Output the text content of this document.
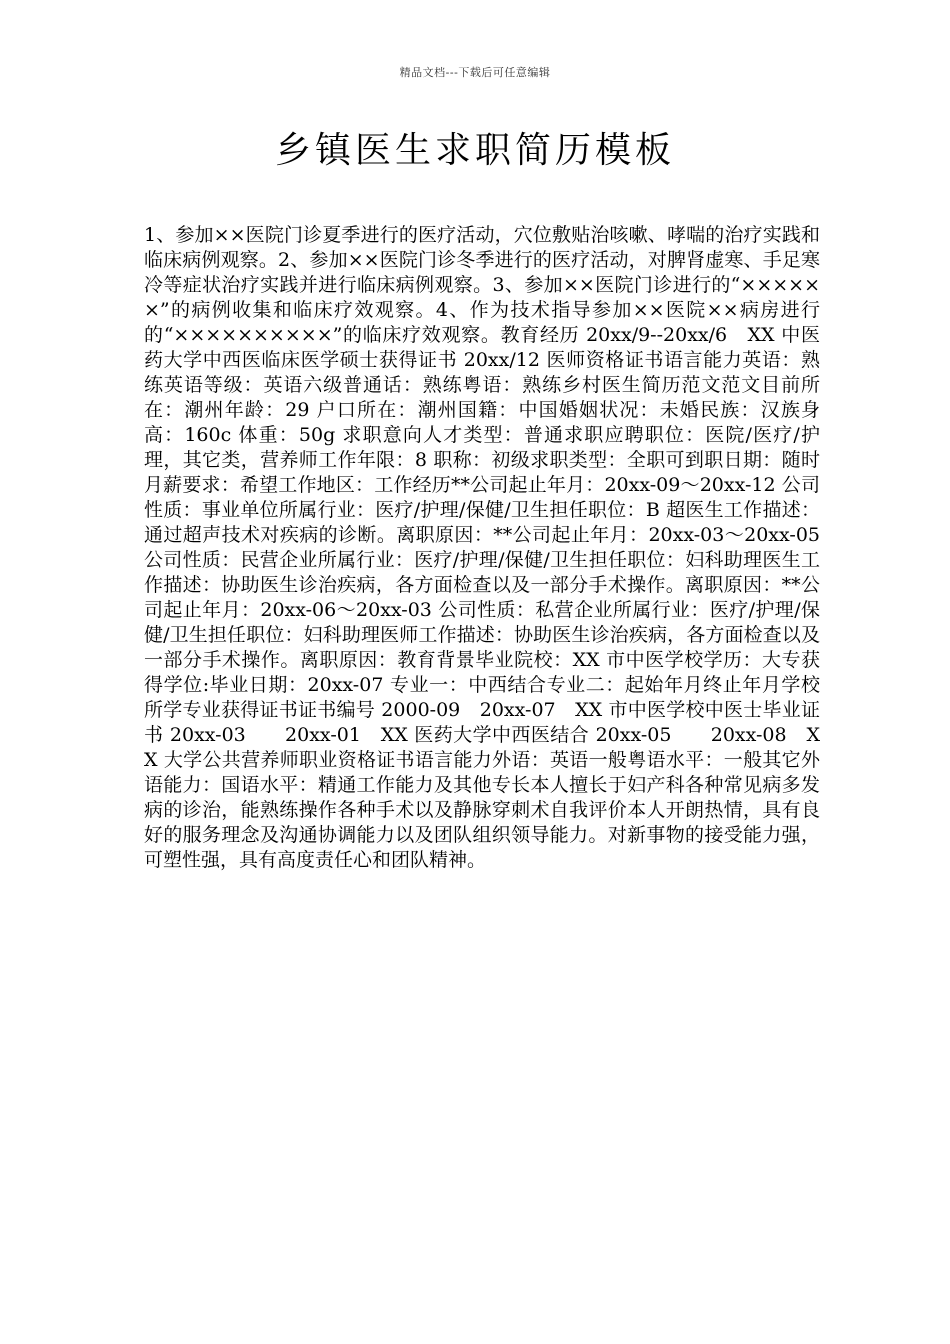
精品文档---下载后可任意编辑
乡镇医生求职简历模板

1、参加××医院门诊夏季进行的医疗活动，穴位敷贴治咳嗽、哮喘的治疗实践和临床病例观察。2、参加××医院门诊冬季进行的医疗活动，对脾肾虚寒、手足寒冷等症状治疗实践并进行临床病例观察。3、参加××医院门诊进行的“××××××”的病例收集和临床疗效观察。4、作为技术指导参加××医院××病房进行的“××××××××××”的临床疗效观察。教育经历 20xx/9--20xx/6　XX 中医药大学中西医临床医学硕士获得证书 20xx/12 医师资格证书语言能力英语：熟练英语等级：英语六级普通话：熟练粤语：熟练乡村医生简历范文范文目前所在：潮州年龄：29 户口所在：潮州国籍：中国婚姻状况：未婚民族：汉族身高：160c 体重：50g 求职意向人才类型：普通求职应聘职位：医院/医疗/护理，其它类，营养师工作年限：8 职称：初级求职类型：全职可到职日期：随时月薪要求：希望工作地区：工作经历**公司起止年月：20xx-09～20xx-12 公司性质：事业单位所属行业：医疗/护理/保健/卫生担任职位：B 超医生工作描述：通过超声技术对疾病的诊断。离职原因：**公司起止年月：20xx-03～20xx-05 公司性质：民营企业所属行业：医疗/护理/保健/卫生担任职位：妇科助理医生工作描述：协助医生诊治疾病，各方面检查以及一部分手术操作。离职原因：**公司起止年月：20xx-06～20xx-03 公司性质：私营企业所属行业：医疗/护理/保健/卫生担任职位：妇科助理医师工作描述：协助医生诊治疾病，各方面检查以及一部分手术操作。离职原因：教育背景毕业院校：XX 市中医学校学历：大专获得学位:毕业日期：20xx-07 专业一：中西结合专业二：起始年月终止年月学校所学专业获得证书证书编号 2000-09　20xx-07　XX 市中医学校中医士毕业证书 20xx-03　　20xx-01　XX 医药大学中西医结合 20xx-05　　20xx-08　XX 大学公共营养师职业资格证书语言能力外语：英语一般粤语水平：一般其它外语能力：国语水平：精通工作能力及其他专长本人擅长于妇产科各种常见病多发病的诊治，能熟练操作各种手术以及静脉穿刺术自我评价本人开朗热情，具有良好的服务理念及沟通协调能力以及团队组织领导能力。对新事物的接受能力强，可塑性强，具有高度责任心和团队精神。
